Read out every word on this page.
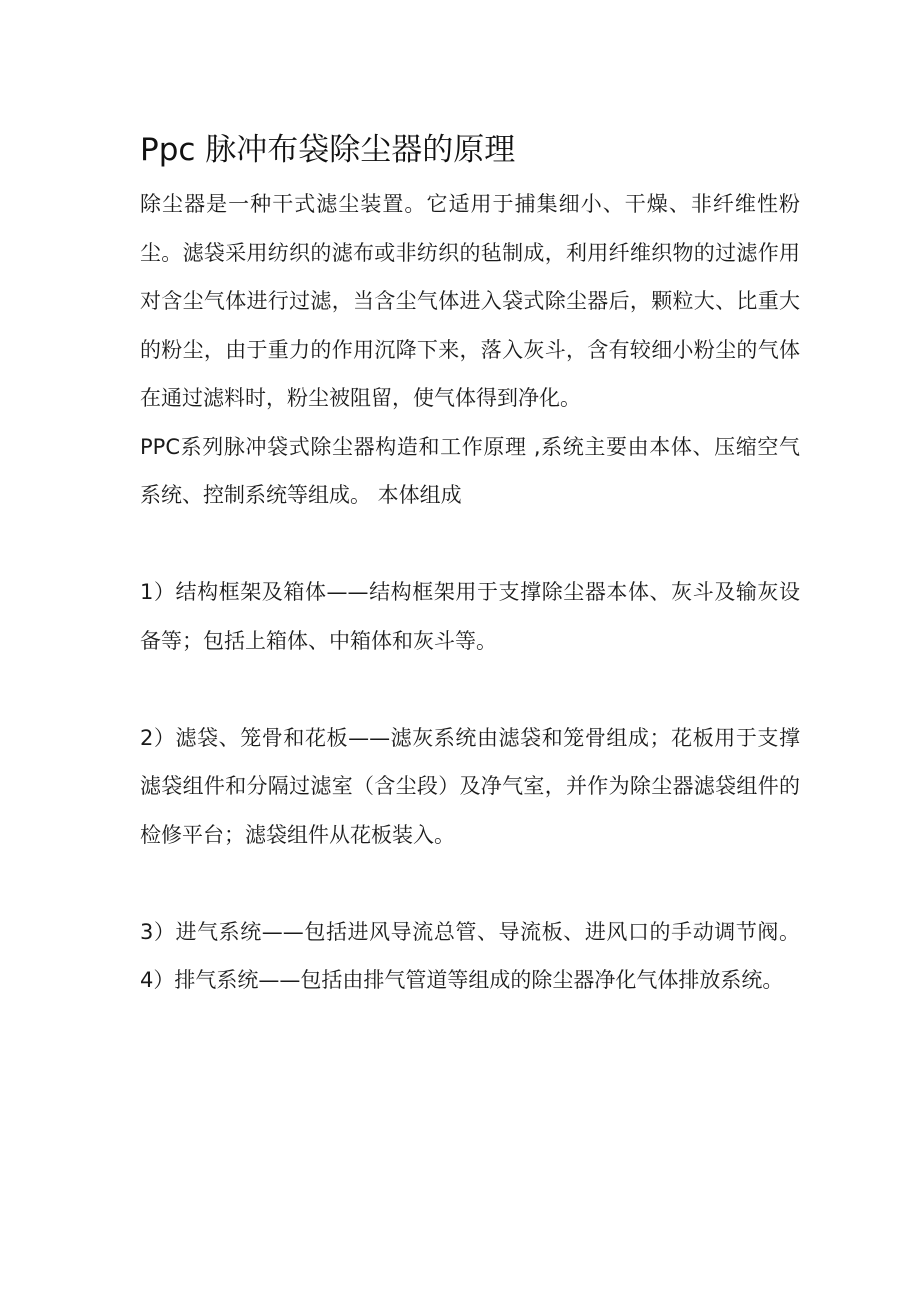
Ppc 脉冲布袋除尘器的原理

除尘器是一种干式滤尘装置。它适用于捕集细小、干燥、非纤维性粉尘。滤袋采用纺织的滤布或非纺织的毡制成，利用纤维织物的过滤作用对含尘气体进行过滤，当含尘气体进入袋式除尘器后，颗粒大、比重大的粉尘，由于重力的作用沉降下来，落入灰斗，含有较细小粉尘的气体在通过滤料时，粉尘被阻留，使气体得到净化。

PPC系列脉冲袋式除尘器构造和工作原理 ,系统主要由本体、压缩空气系统、控制系统等组成。 本体组成

1）结构框架及箱体——结构框架用于支撑除尘器本体、灰斗及输灰设备等；包括上箱体、中箱体和灰斗等。

2）滤袋、笼骨和花板——滤灰系统由滤袋和笼骨组成；花板用于支撑滤袋组件和分隔过滤室（含尘段）及净气室，并作为除尘器滤袋组件的检修平台；滤袋组件从花板装入。

3）进气系统——包括进风导流总管、导流板、进风口的手动调节阀。 4）排气系统——包括由排气管道等组成的除尘器净化气体排放系统。
